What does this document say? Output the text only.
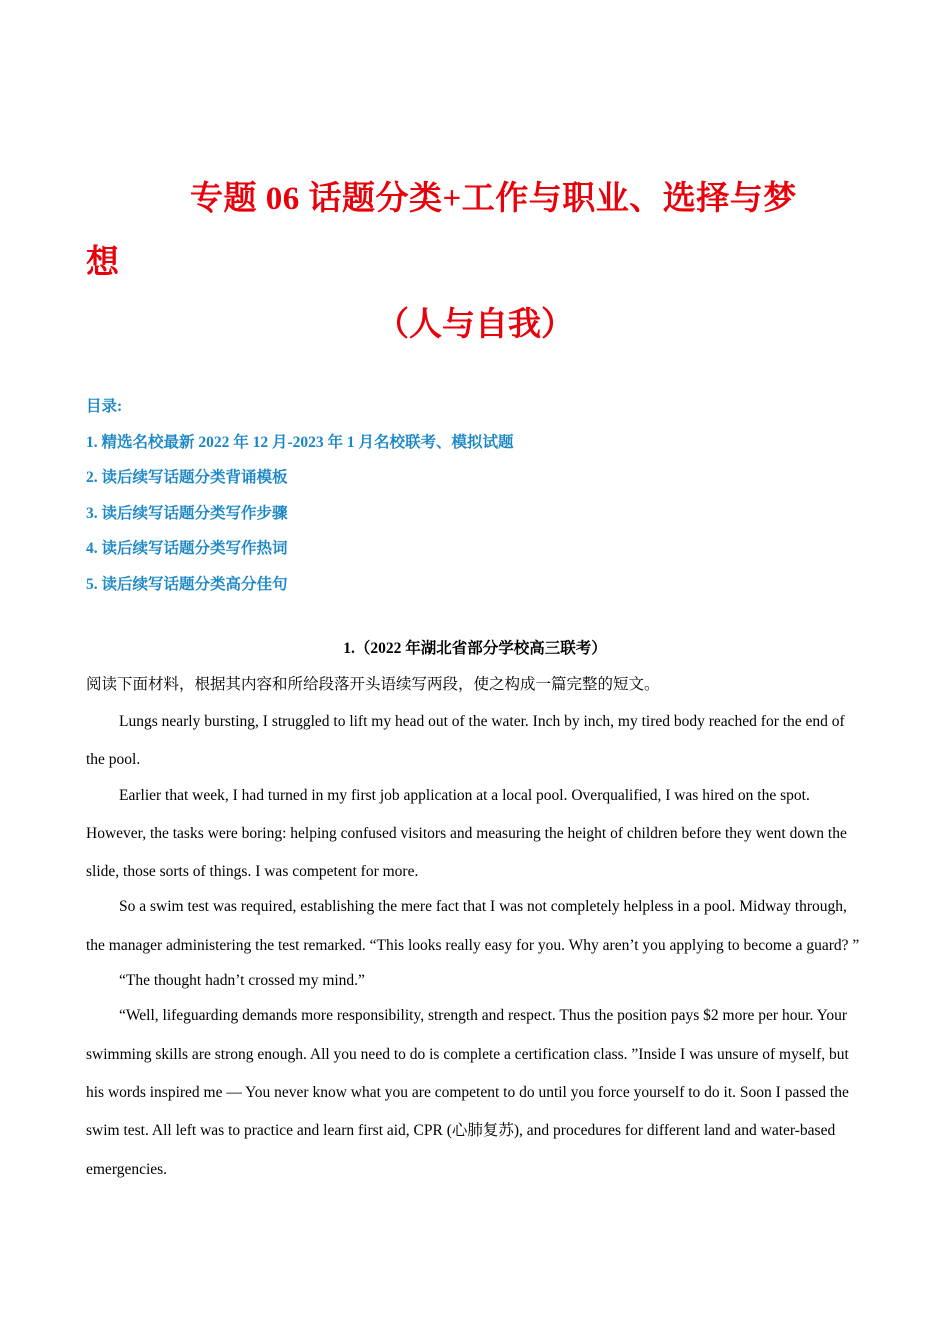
专题 06 话题分类+工作与职业、选择与梦
想
（人与自我）
目录:
1. 精选名校最新 2022 年 12 月-2023 年 1 月名校联考、模拟试题
2. 读后续写话题分类背诵模板
3. 读后续写话题分类写作步骤
4. 读后续写话题分类写作热词
5. 读后续写话题分类高分佳句
1.（2022 年湖北省部分学校高三联考）
阅读下面材料，根据其内容和所给段落开头语续写两段，使之构成一篇完整的短文。

Lungs nearly bursting, I struggled to lift my head out of the water. Inch by inch, my tired body reached for the end of the pool.

Earlier that week, I had turned in my first job application at a local pool. Overqualified, I was hired on the spot. However, the tasks were boring: helping confused visitors and measuring the height of children before they went down the slide, those sorts of things. I was competent for more.

So a swim test was required, establishing the mere fact that I was not completely helpless in a pool. Midway through, the manager administering the test remarked. “This looks really easy for you. Why aren’t you applying to become a guard? ”

“The thought hadn’t crossed my mind.”

“Well, lifeguarding demands more responsibility, strength and respect. Thus the position pays $2 more per hour. Your swimming skills are strong enough. All you need to do is complete a certification class. ”Inside I was unsure of myself, but his words inspired me — You never know what you are competent to do until you force yourself to do it. Soon I passed the swim test. All left was to practice and learn first aid, CPR (心肺复苏), and procedures for different land and water-based emergencies.
